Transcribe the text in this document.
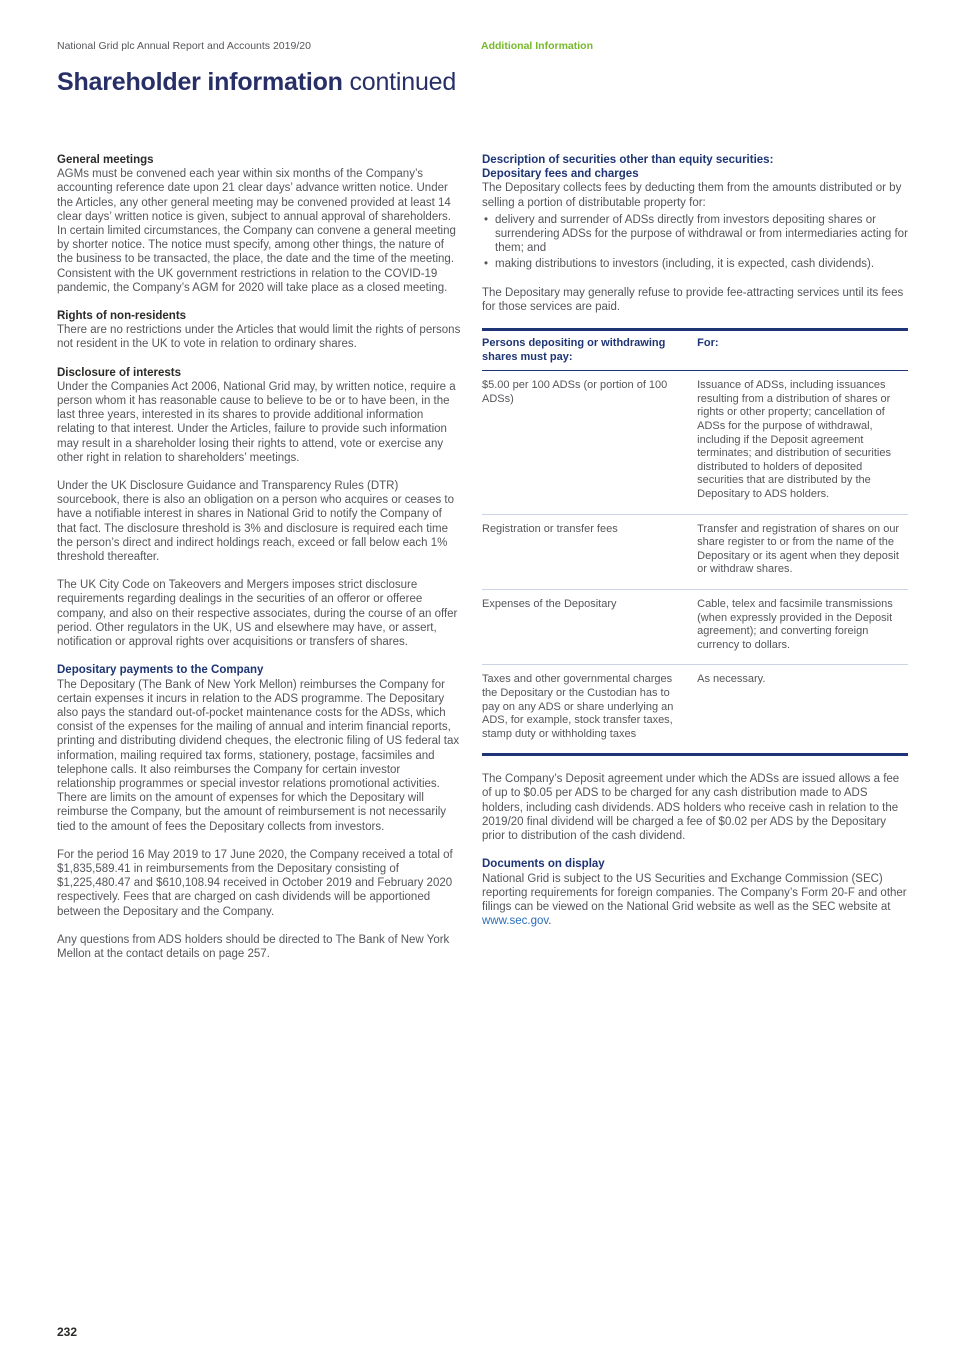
National Grid plc Annual Report and Accounts 2019/20	Additional Information
Shareholder information continued
General meetings

AGMs must be convened each year within six months of the Company’s accounting reference date upon 21 clear days’ advance written notice. Under the Articles, any other general meeting may be convened provided at least 14 clear days’ written notice is given, subject to annual approval of shareholders. In certain limited circumstances, the Company can convene a general meeting by shorter notice. The notice must specify, among other things, the nature of the business to be transacted, the place, the date and the time of the meeting. Consistent with the UK government restrictions in relation to the COVID-19 pandemic, the Company’s AGM for 2020 will take place as a closed meeting.

Rights of non-residents

There are no restrictions under the Articles that would limit the rights of persons not resident in the UK to vote in relation to ordinary shares.

Disclosure of interests

Under the Companies Act 2006, National Grid may, by written notice, require a person whom it has reasonable cause to believe to be or to have been, in the last three years, interested in its shares to provide additional information relating to that interest. Under the Articles, failure to provide such information may result in a shareholder losing their rights to attend, vote or exercise any other right in relation to shareholders’ meetings.

Under the UK Disclosure Guidance and Transparency Rules (DTR) sourcebook, there is also an obligation on a person who acquires or ceases to have a notifiable interest in shares in National Grid to notify the Company of that fact. The disclosure threshold is 3% and disclosure is required each time the person’s direct and indirect holdings reach, exceed or fall below each 1% threshold thereafter.

The UK City Code on Takeovers and Mergers imposes strict disclosure requirements regarding dealings in the securities of an offeror or offeree company, and also on their respective associates, during the course of an offer period. Other regulators in the UK, US and elsewhere may have, or assert, notification or approval rights over acquisitions or transfers of shares.

Depositary payments to the Company

The Depositary (The Bank of New York Mellon) reimburses the Company for certain expenses it incurs in relation to the ADS programme. The Depositary also pays the standard out-of-pocket maintenance costs for the ADSs, which consist of the expenses for the mailing of annual and interim financial reports, printing and distributing dividend cheques, the electronic filing of US federal tax information, mailing required tax forms, stationery, postage, facsimiles and telephone calls. It also reimburses the Company for certain investor relationship programmes or special investor relations promotional activities. There are limits on the amount of expenses for which the Depositary will reimburse the Company, but the amount of reimbursement is not necessarily tied to the amount of fees the Depositary collects from investors.

For the period 16 May 2019 to 17 June 2020, the Company received a total of $1,835,589.41 in reimbursements from the Depositary consisting of $1,225,480.47 and $610,108.94 received in October 2019 and February 2020 respectively. Fees that are charged on cash dividends will be apportioned between the Depositary and the Company.

Any questions from ADS holders should be directed to The Bank of New York Mellon at the contact details on page 257.

Description of securities other than equity securities:
Depositary fees and charges

The Depositary collects fees by deducting them from the amounts distributed or by selling a portion of distributable property for:

• delivery and surrender of ADSs directly from investors depositing shares or surrendering ADSs for the purpose of withdrawal or from intermediaries acting for them; and
• making distributions to investors (including, it is expected, cash dividends).

The Depositary may generally refuse to provide fee-attracting services until its fees for those services are paid.

Persons depositing or withdrawing shares must pay:	For:
$5.00 per 100 ADSs (or portion of 100 ADSs)	Issuance of ADSs, including issuances resulting from a distribution of shares or rights or other property; cancellation of ADSs for the purpose of withdrawal, including if the Deposit agreement terminates; and distribution of securities distributed to holders of deposited securities that are distributed by the Depositary to ADS holders.
Registration or transfer fees	Transfer and registration of shares on our share register to or from the name of the Depositary or its agent when they deposit or withdraw shares.
Expenses of the Depositary	Cable, telex and facsimile transmissions (when expressly provided in the Deposit agreement); and converting foreign currency to dollars.
Taxes and other governmental charges the Depositary or the Custodian has to pay on any ADS or share underlying an ADS, for example, stock transfer taxes, stamp duty or withholding taxes	As necessary.

The Company’s Deposit agreement under which the ADSs are issued allows a fee of up to $0.05 per ADS to be charged for any cash distribution made to ADS holders, including cash dividends. ADS holders who receive cash in relation to the 2019/20 final dividend will be charged a fee of $0.02 per ADS by the Depositary prior to distribution of the cash dividend.

Documents on display

National Grid is subject to the US Securities and Exchange Commission (SEC) reporting requirements for foreign companies. The Company’s Form 20-F and other filings can be viewed on the National Grid website as well as the SEC website at www.sec.gov.

232
